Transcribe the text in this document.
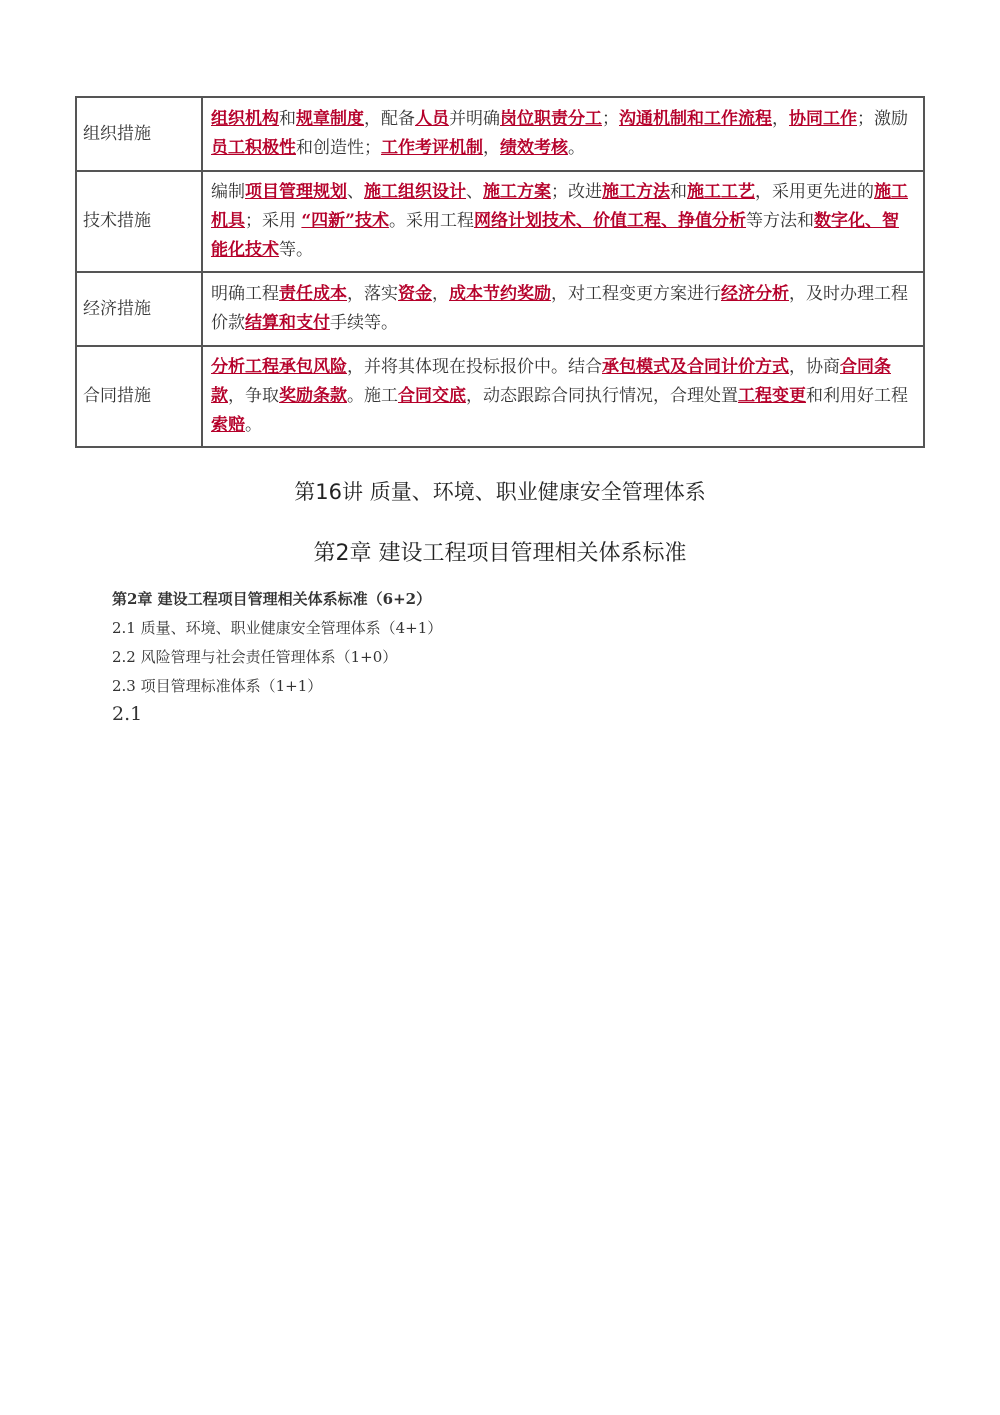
组织措施	组织机构和规章制度，配备人员并明确岗位职责分工；沟通机制和工作流程，协同工作；激励员工积极性和创造性；工作考评机制，绩效考核。
技术措施	编制项目管理规划、施工组织设计、施工方案；改进施工方法和施工工艺，采用更先进的施工机具；采用 “四新”技术。采用工程网络计划技术、价值工程、挣值分析等方法和数字化、智能化技术等。
经济措施	明确工程责任成本，落实资金，成本节约奖励，对工程变更方案进行经济分析，及时办理工程价款结算和支付手续等。
合同措施	分析工程承包风险，并将其体现在投标报价中。结合承包模式及合同计价方式，协商合同条款，争取奖励条款。施工合同交底，动态跟踪合同执行情况，合理处置工程变更和利用好工程索赔。
第16讲 质量、环境、职业健康安全管理体系
第2章 建设工程项目管理相关体系标准
第2章 建设工程项目管理相关体系标准（6+2）
2.1 质量、环境、职业健康安全管理体系（4+1）
2.2 风险管理与社会责任管理体系（1+0）
2.3 项目管理标准体系（1+1）
2.1
